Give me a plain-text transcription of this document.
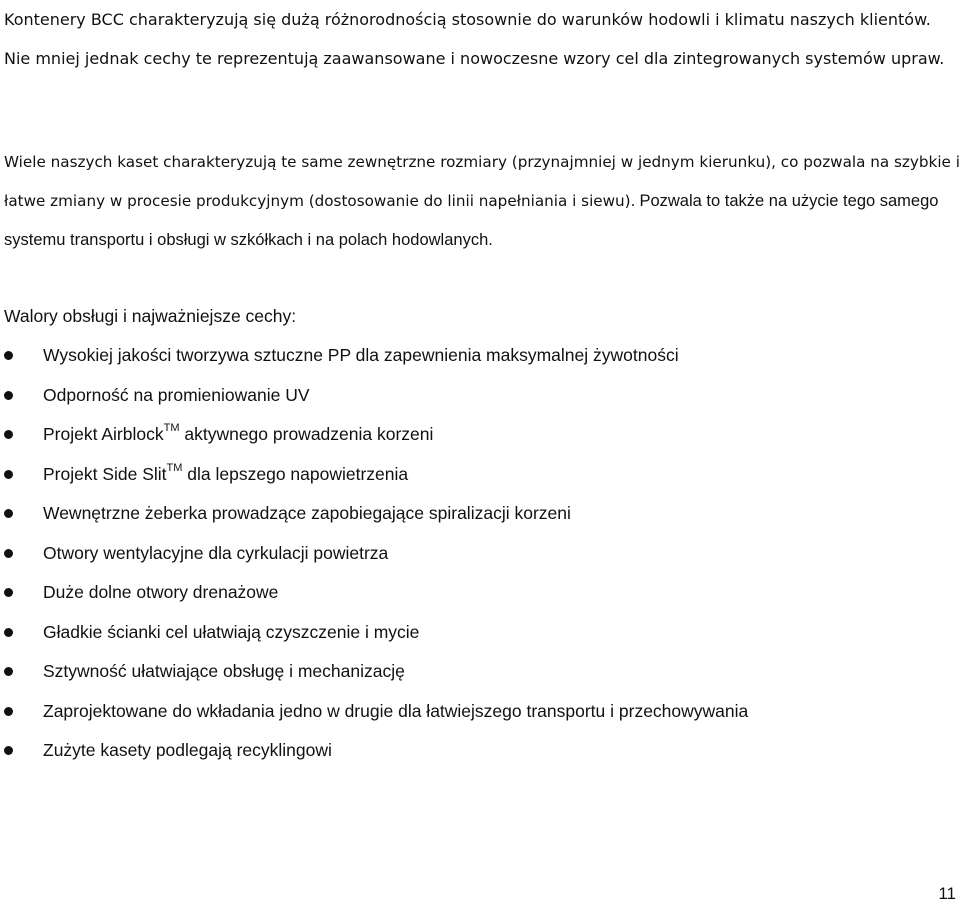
Kontenery BCC charakteryzują się dużą różnorodnością stosownie do warunków hodowli i klimatu naszych klientów. Nie mniej jednak cechy te reprezentują zaawansowane i nowoczesne wzory cel dla zintegrowanych systemów upraw.

Wiele naszych kaset charakteryzują te same zewnętrzne rozmiary (przynajmniej w jednym kierunku), co pozwala na szybkie i łatwe zmiany w procesie produkcyjnym (dostosowanie do linii napełniania i siewu). Pozwala to także na użycie tego samego systemu transportu i obsługi w szkółkach i na polach hodowlanych.

Walory obsługi i najważniejsze cechy:

Wysokiej jakości tworzywa sztuczne PP dla zapewnienia maksymalnej żywotności
Odporność na promieniowanie UV
Projekt Airblock™ aktywnego prowadzenia korzeni
Projekt Side Slit™ dla lepszego napowietrzenia
Wewnętrzne żeberka prowadzące zapobiegające spiralizacji korzeni
Otwory wentylacyjne dla cyrkulacji powietrza
Duże dolne otwory drenażowe
Gładkie ścianki cel ułatwiają czyszczenie i mycie
Sztywność ułatwiające obsługę i mechanizację
Zaprojektowane do wkładania jedno w drugie dla łatwiejszego transportu i przechowywania
Zużyte kasety podlegają recyklingowi

11
